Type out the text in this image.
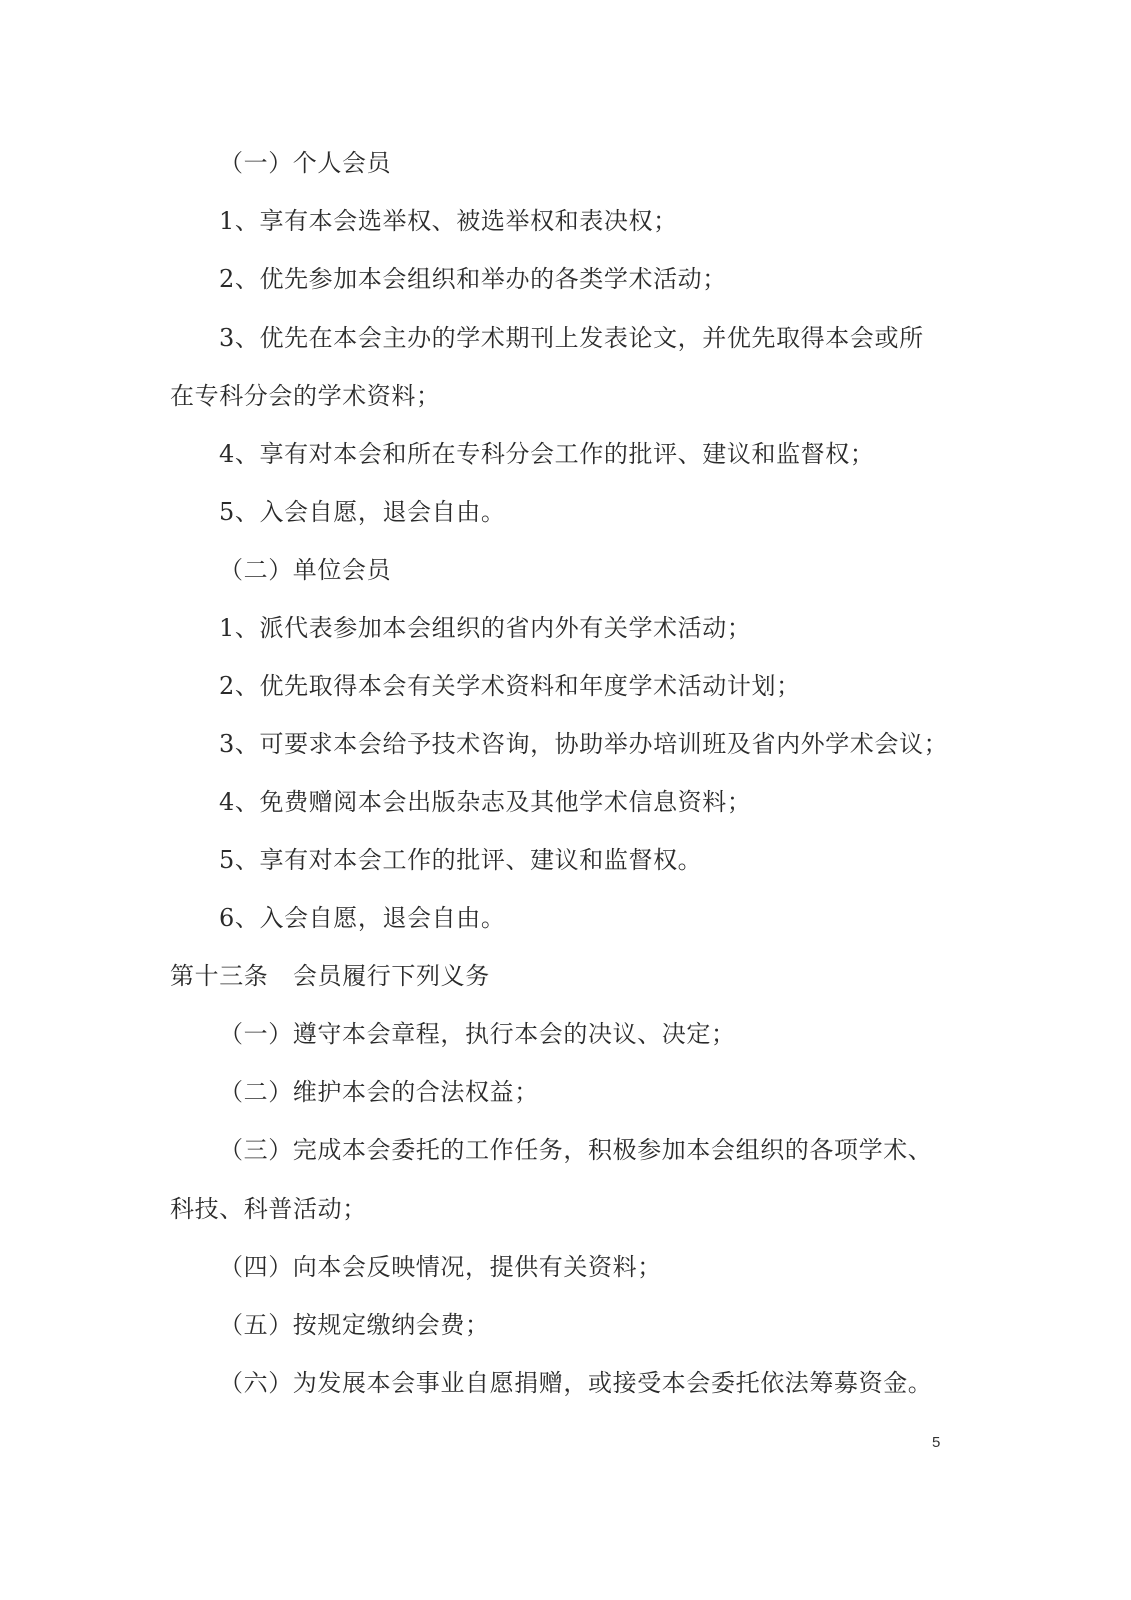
（一）个人会员
1、享有本会选举权、被选举权和表决权；
2、优先参加本会组织和举办的各类学术活动；
3、优先在本会主办的学术期刊上发表论文，并优先取得本会或所
在专科分会的学术资料；
4、享有对本会和所在专科分会工作的批评、建议和监督权；
5、入会自愿，退会自由。
（二）单位会员
1、派代表参加本会组织的省内外有关学术活动；
2、优先取得本会有关学术资料和年度学术活动计划；
3、可要求本会给予技术咨询，协助举办培训班及省内外学术会议；
4、免费赠阅本会出版杂志及其他学术信息资料；
5、享有对本会工作的批评、建议和监督权。
6、入会自愿，退会自由。
第十三条　会员履行下列义务
（一）遵守本会章程，执行本会的决议、决定；
（二）维护本会的合法权益；
（三）完成本会委托的工作任务，积极参加本会组织的各项学术、
科技、科普活动；
（四）向本会反映情况，提供有关资料；
（五）按规定缴纳会费；
（六）为发展本会事业自愿捐赠，或接受本会委托依法筹募资金。
5
